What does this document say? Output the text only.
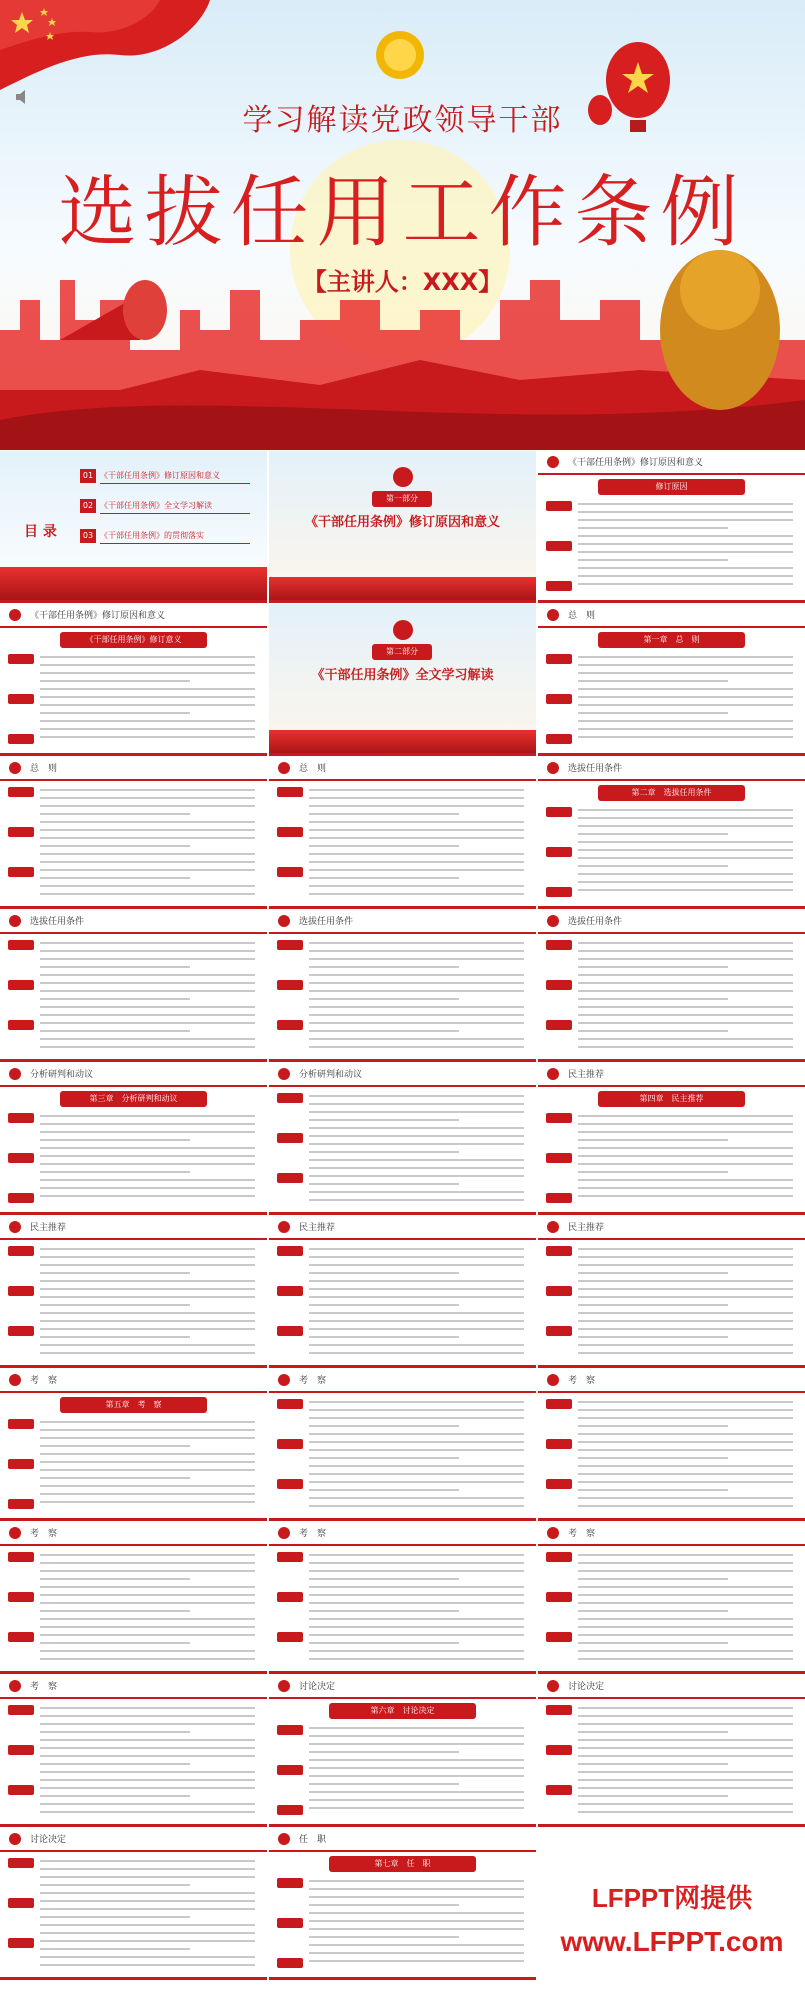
学习解读党政领导干部
选拔任用工作条例
【主讲人：XXX】
目 录
01 《干部任用条例》修订原因和意义
02 《干部任用条例》全文学习解读
03 《干部任用条例》的贯彻落实
第一部分
《干部任用条例》修订原因和意义
《干部任用条例》修订原因和意义
修订原因
《干部任用条例》修订原因和意义
《干部任用条例》修订意义
第二部分
《干部任用条例》全文学习解读
总　则
第一章　总　则
总　则	总　则	选拔任用条件
第二章　选拔任用条件
选拔任用条件	选拔任用条件	选拔任用条件
分析研判和动议
第三章　分析研判和动议
分析研判和动议	民主推荐
第四章　民主推荐
民主推荐	民主推荐	民主推荐
考　察
第五章　考　察
考　察	考　察
考　察	考　察	考　察
考　察	讨论决定
第六章　讨论决定
讨论决定
讨论决定	任　职
第七章　任　职
LFPPT网提供
www.LFPPT.com
